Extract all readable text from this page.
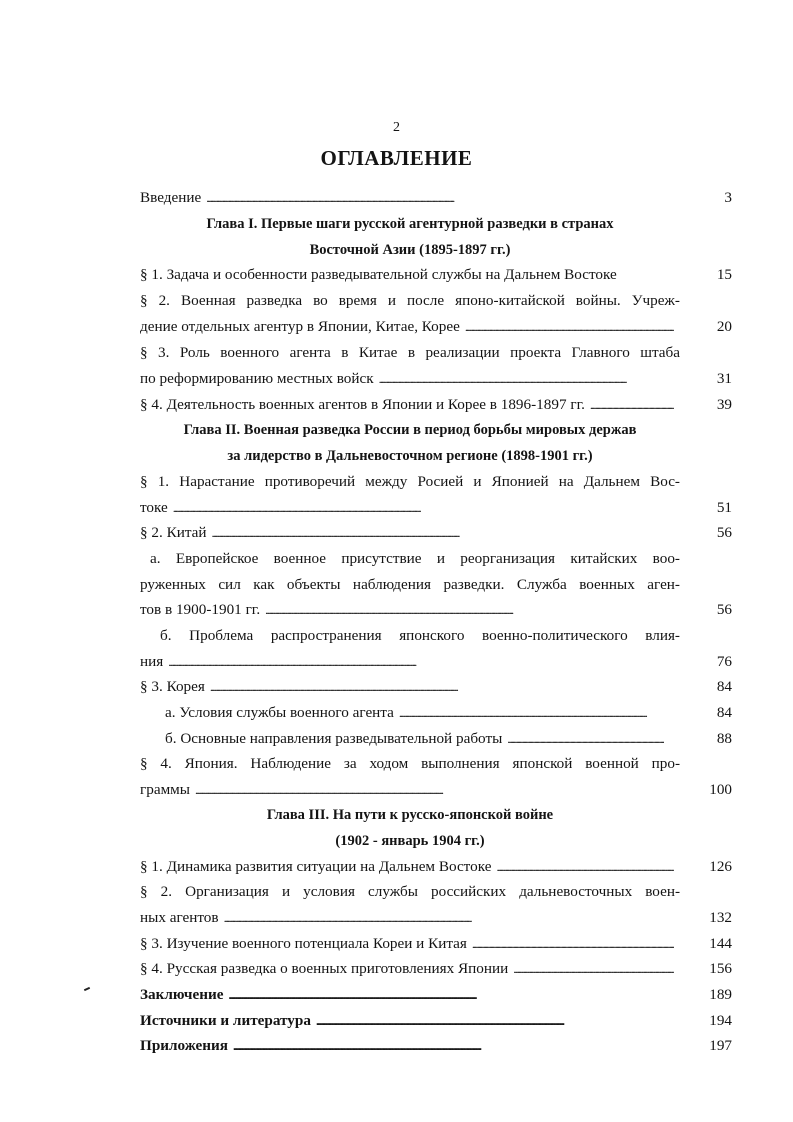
2
ОГЛАВЛЕНИЕ
Введение . . .	3
Глава I. Первые шаги русской агентурной разведки в странах
Восточной Азии (1895-1897 гг.)
§ 1. Задача и особенности разведывательной службы на Дальнем Востоке	15
§ 2. Военная разведка во время и после японо-китайской войны. Учреж-
дение отдельных агентур в Японии, Китае, Корее . . .	20
§ 3. Роль военного агента в Китае в реализации проекта Главного штаба
по реформированию местных войск . . .	31
§ 4. Деятельность военных агентов в Японии и Корее в 1896-1897 гг. . . .	39
Глава II. Военная разведка России в период борьбы мировых держав
за лидерство в Дальневосточном регионе (1898-1901 гг.)
§ 1. Нарастание противоречий между Росией и Японией на Дальнем Вос-
токе . . .	51
§ 2. Китай . . .	56
а. Европейское военное присутствие и реорганизация китайских воо-
руженных сил как объекты наблюдения разведки. Служба военных аген-
тов в 1900-1901 гг. . . .	56
б. Проблема распространения японского военно-политического влия-
ния . . .	76
§ 3. Корея . . .	84
а. Условия службы военного агента . . .	84
б. Основные направления разведывательной работы . . .	88
§ 4. Япония. Наблюдение за ходом выполнения японской военной про-
граммы . . .	100
Глава III. На пути к русско-японской войне
(1902 - январь 1904 гг.)
§ 1. Динамика развития ситуации на Дальнем Востоке . . .	126
§ 2. Организация и условия службы российских дальневосточных воен-
ных агентов . . .	132
§ 3. Изучение военного потенциала Кореи и Китая . . .	144
§ 4. Русская разведка о военных приготовлениях Японии . . .	156
Заключение . . .	189
Источники и литература . . .	194
Приложения . . .	197
